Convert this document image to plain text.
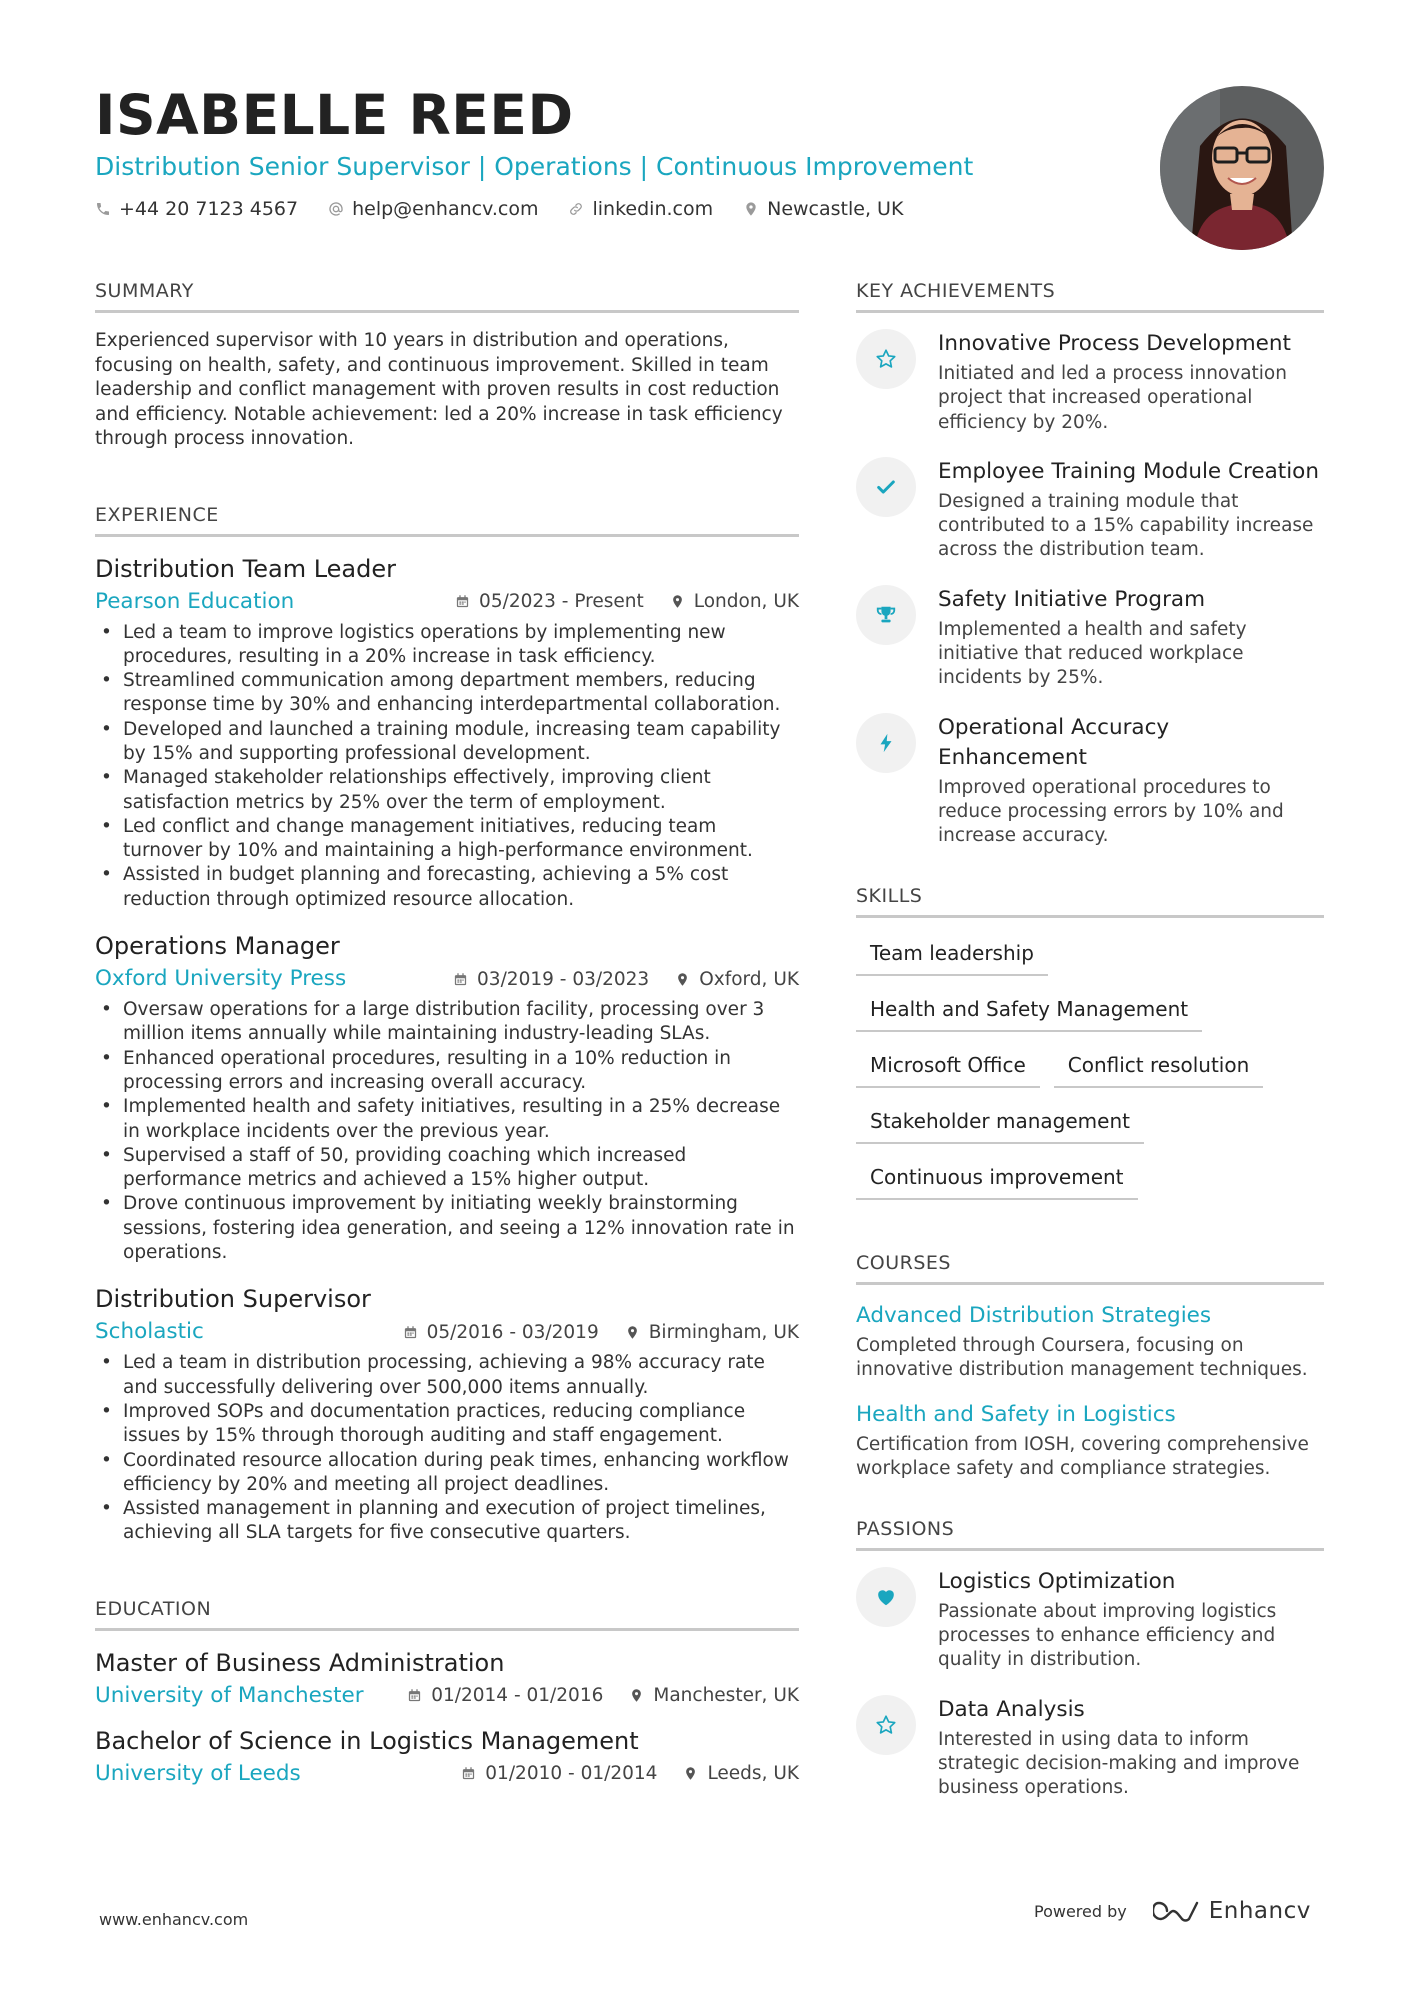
ISABELLE REED
Distribution Senior Supervisor | Operations | Continuous Improvement
+44 20 7123 4567	help@enhancv.com	linkedin.com	Newcastle, UK
SUMMARY
Experienced supervisor with 10 years in distribution and operations, focusing on health, safety, and continuous improvement. Skilled in team leadership and conflict management with proven results in cost reduction and efficiency. Notable achievement: led a 20% increase in task efficiency through process innovation.
EXPERIENCE
Distribution Team Leader
Pearson Education	05/2023 - Present	London, UK
• Led a team to improve logistics operations by implementing new procedures, resulting in a 20% increase in task efficiency.
• Streamlined communication among department members, reducing response time by 30% and enhancing interdepartmental collaboration.
• Developed and launched a training module, increasing team capability by 15% and supporting professional development.
• Managed stakeholder relationships effectively, improving client satisfaction metrics by 25% over the term of employment.
• Led conflict and change management initiatives, reducing team turnover by 10% and maintaining a high-performance environment.
• Assisted in budget planning and forecasting, achieving a 5% cost reduction through optimized resource allocation.
Operations Manager
Oxford University Press	03/2019 - 03/2023	Oxford, UK
• Oversaw operations for a large distribution facility, processing over 3 million items annually while maintaining industry-leading SLAs.
• Enhanced operational procedures, resulting in a 10% reduction in processing errors and increasing overall accuracy.
• Implemented health and safety initiatives, resulting in a 25% decrease in workplace incidents over the previous year.
• Supervised a staff of 50, providing coaching which increased performance metrics and achieved a 15% higher output.
• Drove continuous improvement by initiating weekly brainstorming sessions, fostering idea generation, and seeing a 12% innovation rate in operations.
Distribution Supervisor
Scholastic	05/2016 - 03/2019	Birmingham, UK
• Led a team in distribution processing, achieving a 98% accuracy rate and successfully delivering over 500,000 items annually.
• Improved SOPs and documentation practices, reducing compliance issues by 15% through thorough auditing and staff engagement.
• Coordinated resource allocation during peak times, enhancing workflow efficiency by 20% and meeting all project deadlines.
• Assisted management in planning and execution of project timelines, achieving all SLA targets for five consecutive quarters.
EDUCATION
Master of Business Administration
University of Manchester	01/2014 - 01/2016	Manchester, UK
Bachelor of Science in Logistics Management
University of Leeds	01/2010 - 01/2014	Leeds, UK
KEY ACHIEVEMENTS
Innovative Process Development
Initiated and led a process innovation project that increased operational efficiency by 20%.
Employee Training Module Creation
Designed a training module that contributed to a 15% capability increase across the distribution team.
Safety Initiative Program
Implemented a health and safety initiative that reduced workplace incidents by 25%.
Operational Accuracy Enhancement
Improved operational procedures to reduce processing errors by 10% and increase accuracy.
SKILLS
Team leadership
Health and Safety Management
Microsoft Office	Conflict resolution
Stakeholder management
Continuous improvement
COURSES
Advanced Distribution Strategies
Completed through Coursera, focusing on innovative distribution management techniques.
Health and Safety in Logistics
Certification from IOSH, covering comprehensive workplace safety and compliance strategies.
PASSIONS
Logistics Optimization
Passionate about improving logistics processes to enhance efficiency and quality in distribution.
Data Analysis
Interested in using data to inform strategic decision-making and improve business operations.
www.enhancv.com	Powered by	Enhancv
